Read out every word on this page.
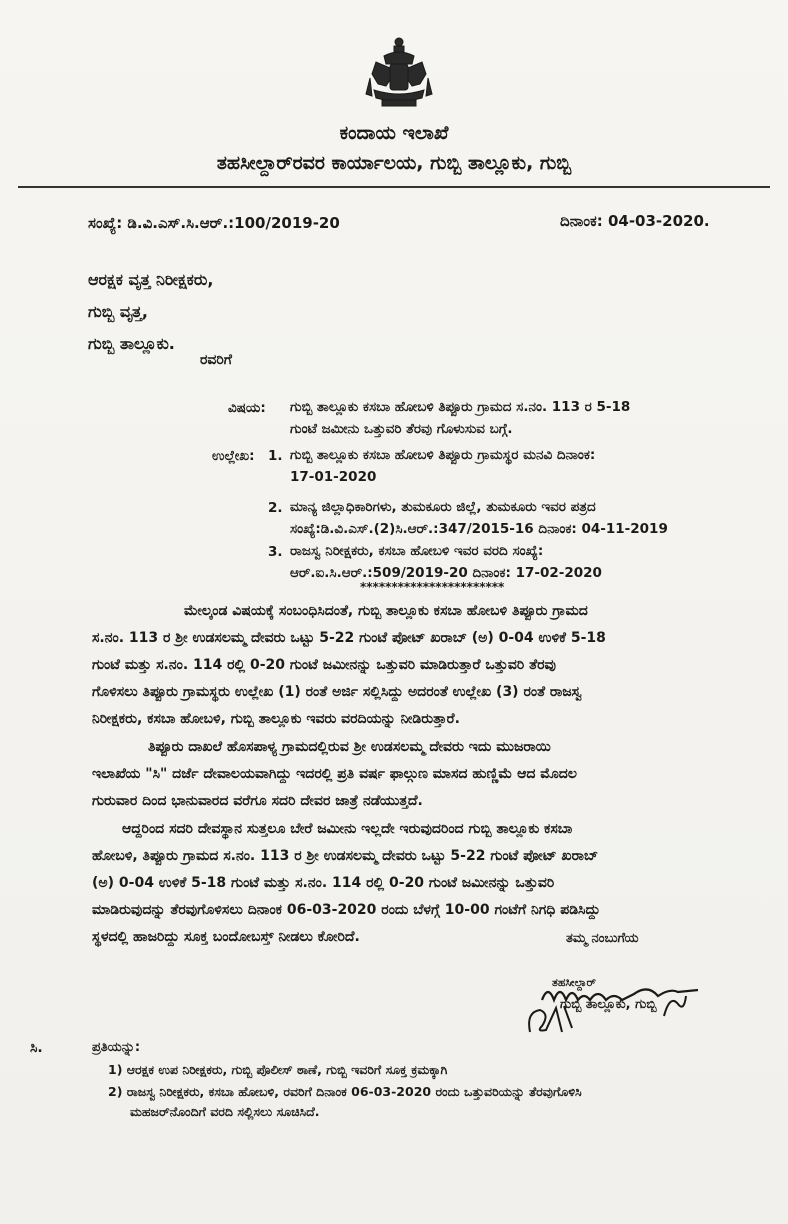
ಕಂದಾಯ ಇಲಾಖೆ
ತಹಸೀಲ್ದಾರ್‌ರವರ ಕಾರ್ಯಾಲಯ, ಗುಬ್ಬಿ ತಾಲ್ಲೂಕು, ಗುಬ್ಬಿ
ಸಂಖ್ಯೆ: ಡಿ.ವಿ.ಎಸ್.ಸಿ.ಆರ್.:100/2019-20	ದಿನಾಂಕ: 04-03-2020.
ಆರಕ್ಷಕ ವೃತ್ತ ನಿರೀಕ್ಷಕರು,
ಗುಬ್ಬಿ ವೃತ್ತ,
ಗುಬ್ಬಿ ತಾಲ್ಲೂಕು.
ರವರಿಗೆ
ವಿಷಯ: ಗುಬ್ಬಿ ತಾಲ್ಲೂಕು ಕಸಬಾ ಹೋಬಳಿ ತಿಪ್ಪೂರು ಗ್ರಾಮದ ಸ.ನಂ. 113 ರ 5-18
ಗುಂಟೆ ಜಮೀನು ಒತ್ತುವರಿ ತೆರವು ಗೊಳುಸುವ ಬಗ್ಗೆ.
ಉಲ್ಲೇಖ: 1. ಗುಬ್ಬಿ ತಾಲ್ಲೂಕು ಕಸಬಾ ಹೋಬಳಿ ತಿಪ್ಪೂರು ಗ್ರಾಮಸ್ಥರ ಮನವಿ ದಿನಾಂಕ:
17-01-2020
2. ಮಾನ್ಯ ಜಿಲ್ಲಾಧಿಕಾರಿಗಳು, ತುಮಕೂರು ಜಿಲ್ಲೆ, ತುಮಕೂರು ಇವರ ಪತ್ರದ
ಸಂಖ್ಯೆ:ಡಿ.ವಿ.ಎಸ್.(2)ಸಿ.ಆರ್.:347/2015-16 ದಿನಾಂಕ: 04-11-2019
3. ರಾಜಸ್ವ ನಿರೀಕ್ಷಕರು, ಕಸಬಾ ಹೋಬಳಿ ಇವರ ವರದಿ ಸಂಖ್ಯೆ:
ಆರ್.ಐ.ಸಿ.ಆರ್.:509/2019-20 ದಿನಾಂಕ: 17-02-2020
***********************
ಮೇಲ್ಕಂಡ ವಿಷಯಕ್ಕೆ ಸಂಬಂಧಿಸಿದಂತೆ, ಗುಬ್ಬಿ ತಾಲ್ಲೂಕು ಕಸಬಾ ಹೋಬಳಿ ತಿಪ್ಪೂರು ಗ್ರಾಮದ
ಸ.ನಂ. 113 ರ ಶ್ರೀ ಉಡಸಲಮ್ಮ ದೇವರು ಒಟ್ಟು 5-22 ಗುಂಟೆ ಪೋಟ್ ಖರಾಬ್ (ಅ) 0-04 ಉಳಿಕೆ 5-18
ಗುಂಟೆ ಮತ್ತು ಸ.ನಂ. 114 ರಲ್ಲಿ 0-20 ಗುಂಟೆ ಜಮೀನನ್ನು ಒತ್ತುವರಿ ಮಾಡಿರುತ್ತಾರೆ ಒತ್ತುವರಿ ತೆರವು
ಗೊಳಿಸಲು ತಿಪ್ಪೂರು ಗ್ರಾಮಸ್ಥರು ಉಲ್ಲೇಖ (1) ರಂತೆ ಅರ್ಜಿ ಸಲ್ಲಿಸಿದ್ದು ಅದರಂತೆ ಉಲ್ಲೇಖ (3) ರಂತೆ ರಾಜಸ್ವ
ನಿರೀಕ್ಷಕರು, ಕಸಬಾ ಹೋಬಳಿ, ಗುಬ್ಬಿ ತಾಲ್ಲೂಕು ಇವರು ವರದಿಯನ್ನು ನೀಡಿರುತ್ತಾರೆ.
ತಿಪ್ಪೂರು ದಾಖಲೆ ಹೊಸಪಾಳ್ಯ ಗ್ರಾಮದಲ್ಲಿರುವ ಶ್ರೀ ಉಡಸಲಮ್ಮ ದೇವರು ಇದು ಮುಜರಾಯಿ
ಇಲಾಖೆಯ "ಸಿ" ದರ್ಜೆ ದೇವಾಲಯವಾಗಿದ್ದು ಇದರಲ್ಲಿ ಪ್ರತಿ ವರ್ಷ ಫಾಲ್ಗುಣ ಮಾಸದ ಹುಣ್ಣಿಮೆ ಆದ ಮೊದಲ
ಗುರುವಾರ ದಿಂದ ಭಾನುವಾರದ ವರೆಗೂ ಸದರಿ ದೇವರ ಜಾತ್ರೆ ನಡೆಯುತ್ತದೆ.
ಆದ್ದರಿಂದ ಸದರಿ ದೇವಸ್ಥಾನ ಸುತ್ತಲೂ ಬೇರೆ ಜಮೀನು ಇಲ್ಲದೇ ಇರುವುದರಿಂದ ಗುಬ್ಬಿ ತಾಲ್ಲೂಕು ಕಸಬಾ
ಹೋಬಳಿ, ತಿಪ್ಪೂರು ಗ್ರಾಮದ ಸ.ನಂ. 113 ರ ಶ್ರೀ ಉಡಸಲಮ್ಮ ದೇವರು ಒಟ್ಟು 5-22 ಗುಂಟೆ ಪೋಟ್ ಖರಾಬ್
(ಅ) 0-04 ಉಳಿಕೆ 5-18 ಗುಂಟೆ ಮತ್ತು ಸ.ನಂ. 114 ರಲ್ಲಿ 0-20 ಗುಂಟೆ ಜಮೀನನ್ನು ಒತ್ತುವರಿ
ಮಾಡಿರುವುದನ್ನು ತೆರವುಗೊಳಿಸಲು ದಿನಾಂಕ 06-03-2020 ರಂದು ಬೆಳಗ್ಗೆ 10-00 ಗಂಟೆಗೆ ನಿಗಧಿ ಪಡಿಸಿದ್ದು
ಸ್ಥಳದಲ್ಲಿ ಹಾಜರಿದ್ದು ಸೂಕ್ತ ಬಂದೋಬಸ್ತ್ ನೀಡಲು ಕೋರಿದೆ.	ತಮ್ಮ ನಂಬುಗೆಯ
ತಹಸೀಲ್ದಾರ್
ಗುಬ್ಬಿ ತಾಲ್ಲೂಕು, ಗುಬ್ಬಿ
ಸಿ.	ಪ್ರತಿಯನ್ನು:
1) ಆರಕ್ಷಕ ಉಪ ನಿರೀಕ್ಷಕರು, ಗುಬ್ಬಿ ಪೊಲೀಸ್ ಠಾಣೆ, ಗುಬ್ಬಿ ಇವರಿಗೆ ಸೂಕ್ತ ಕ್ರಮಕ್ಕಾಗಿ
2) ರಾಜಸ್ವ ನಿರೀಕ್ಷಕರು, ಕಸಬಾ ಹೋಬಳಿ, ರವರಿಗೆ ದಿನಾಂಕ 06-03-2020 ರಂದು ಒತ್ತುವರಿಯನ್ನು ತೆರವುಗೊಳಿಸಿ
ಮಹಜರ್‌ನೊಂದಿಗೆ ವರದಿ ಸಲ್ಲಿಸಲು ಸೂಚಿಸಿದೆ.
